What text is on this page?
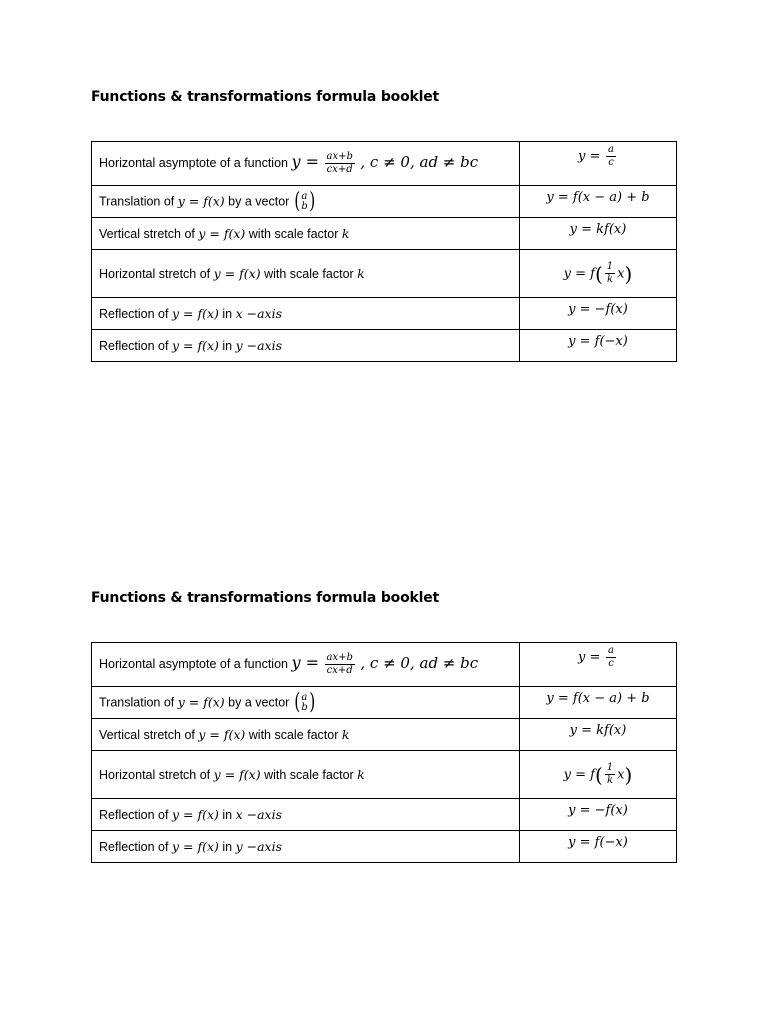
Functions & transformations formula booklet
Horizontal asymptote of a function $y = \frac{ax+b}{cx+d}$ , c ≠ 0, ad ≠ bc	$y = \frac{a}{c}$

Translation of y = f(x) by a vector ( a
b )	y = f(x − a) + b
Vertical stretch of y = f(x) with scale factor k	y = kf(x)
Horizontal stretch of y = f(x) with scale factor k	$y = f( \frac{1}{k} x)$
Reflection of y = f(x) in x −axis	y = −f(x)
Reflection of y = f(x) in y −axis	y = f(−x)
Functions & transformations formula booklet
Horizontal asymptote of a function $y = \frac{ax+b}{cx+d}$ , c ≠ 0, ad ≠ bc	$y = \frac{a}{c}$

Translation of y = f(x) by a vector ( a
b )	y = f(x − a) + b
Vertical stretch of y = f(x) with scale factor k	y = kf(x)
Horizontal stretch of y = f(x) with scale factor k	$y = f( \frac{1}{k} x)$
Reflection of y = f(x) in x −axis	y = −f(x)
Reflection of y = f(x) in y −axis	y = f(−x)
